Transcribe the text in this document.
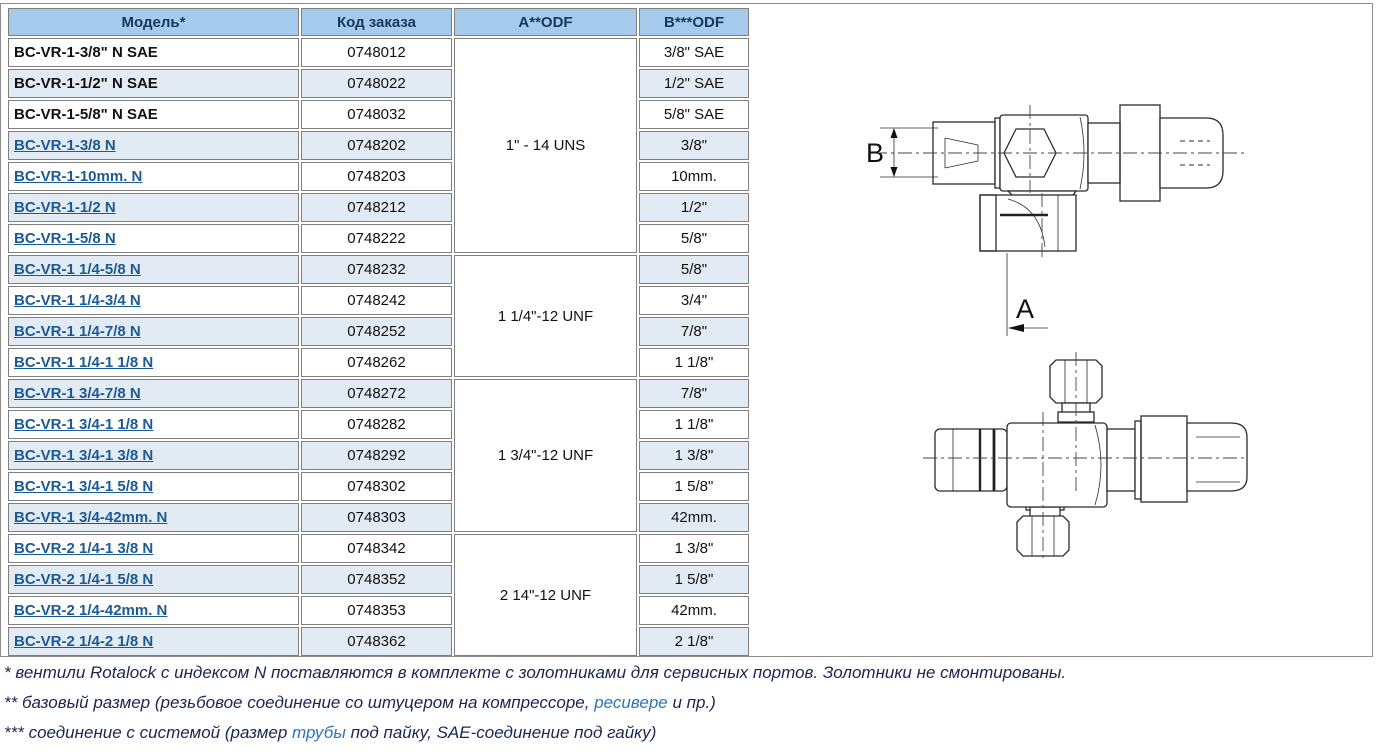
Модель*	Код заказа	A**ODF	B***ODF
BC-VR-1-3/8" N SAE	0748012	1" - 14 UNS	3/8" SAE
BC-VR-1-1/2" N SAE	0748022		1/2" SAE
BC-VR-1-5/8" N SAE	0748032		5/8" SAE
BC-VR-1-3/8 N	0748202		3/8"
BC-VR-1-10mm. N	0748203		10mm.
BC-VR-1-1/2 N	0748212		1/2"
BC-VR-1-5/8 N	0748222		5/8"
BC-VR-1 1/4-5/8 N	0748232	1 1/4"-12 UNF	5/8"
BC-VR-1 1/4-3/4 N	0748242		3/4"
BC-VR-1 1/4-7/8 N	0748252		7/8"
BC-VR-1 1/4-1 1/8 N	0748262		1 1/8"
BC-VR-1 3/4-7/8 N	0748272	1 3/4"-12 UNF	7/8"
BC-VR-1 3/4-1 1/8 N	0748282		1 1/8"
BC-VR-1 3/4-1 3/8 N	0748292		1 3/8"
BC-VR-1 3/4-1 5/8 N	0748302		1 5/8"
BC-VR-1 3/4-42mm. N	0748303		42mm.
BC-VR-2 1/4-1 3/8 N	0748342	2 14"-12 UNF	1 3/8"
BC-VR-2 1/4-1 5/8 N	0748352		1 5/8"
BC-VR-2 1/4-42mm. N	0748353		42mm.
BC-VR-2 1/4-2 1/8 N	0748362		2 1/8"
B
A
* вентили Rotalock с индексом N поставляются в комплекте с золотниками для сервисных портов. Золотники не смонтированы.
** базовый размер (резьбовое соединение со штуцером на компрессоре, ресивере и пр.)
*** соединение с системой (размер трубы под пайку, SAE-соединение под гайку)
